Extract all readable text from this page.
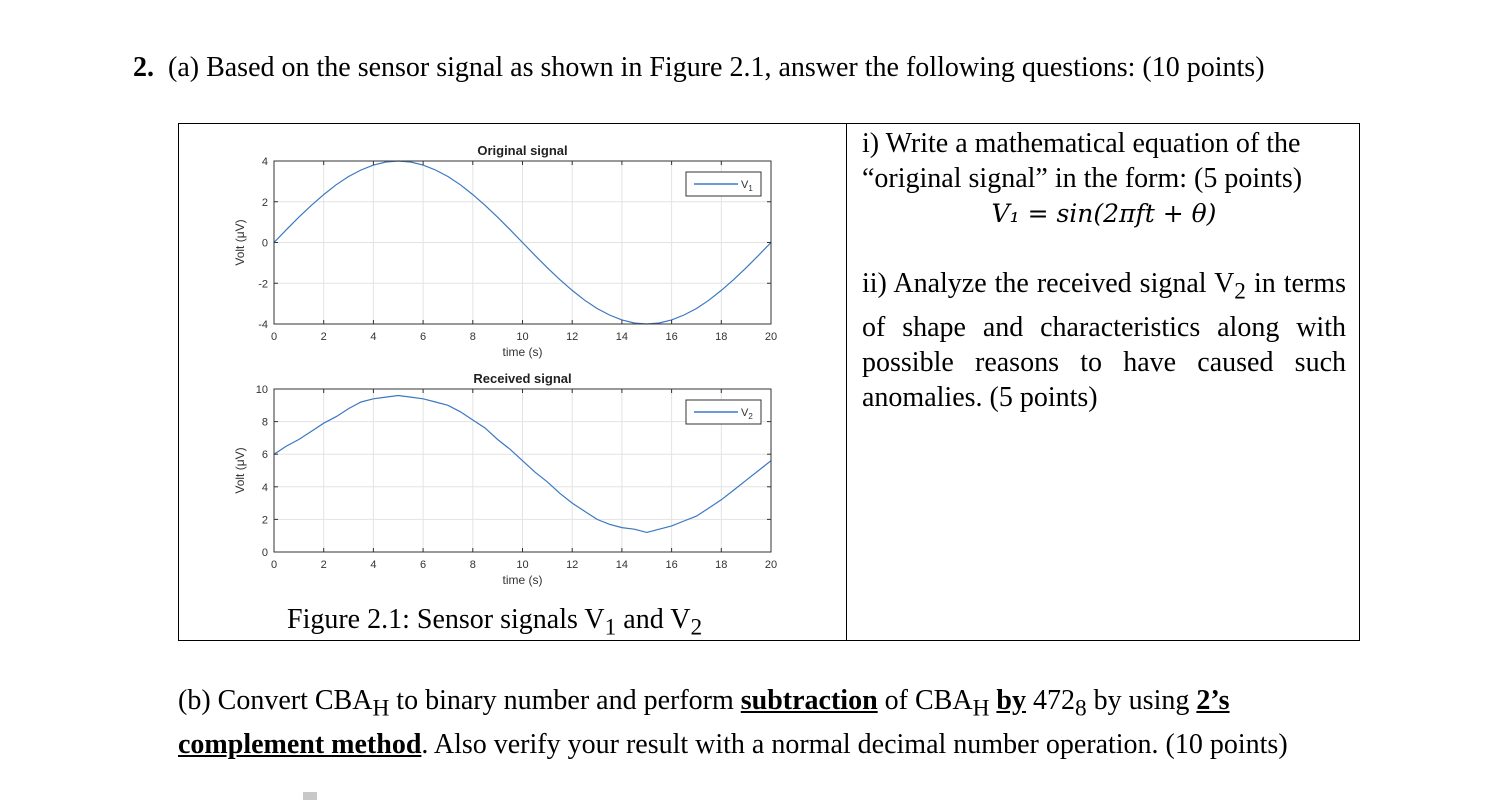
2. (a) Based on the sensor signal as shown in Figure 2.1, answer the following questions: (10 points)
0	2	4	6	8	10	12	14	16	18	20
-4
-2
0
2
4
Original signal
time (s)
Volt (μV)
$V_1$
0	2	4	6	8	10	12	14	16	18	20
0
2
4
6
8
10
Received signal
time (s)
Volt (μV)
$V_2$
Figure 2.1: Sensor signals $V_1$ and $V_2$

i) Write a mathematical equation of the “original signal” in the form: (5 points)

V₁ = sin(2πft + θ)

ii) Analyze the received signal $V_2$ in terms of shape and characteristics along with possible reasons to have caused such anomalies. (5 points)

(b) Convert $CBA_H$ to binary number and perform subtraction of $CBA_H$ by $472_8$ by using 2’s complement method. Also verify your result with a normal decimal number operation. (10 points)
